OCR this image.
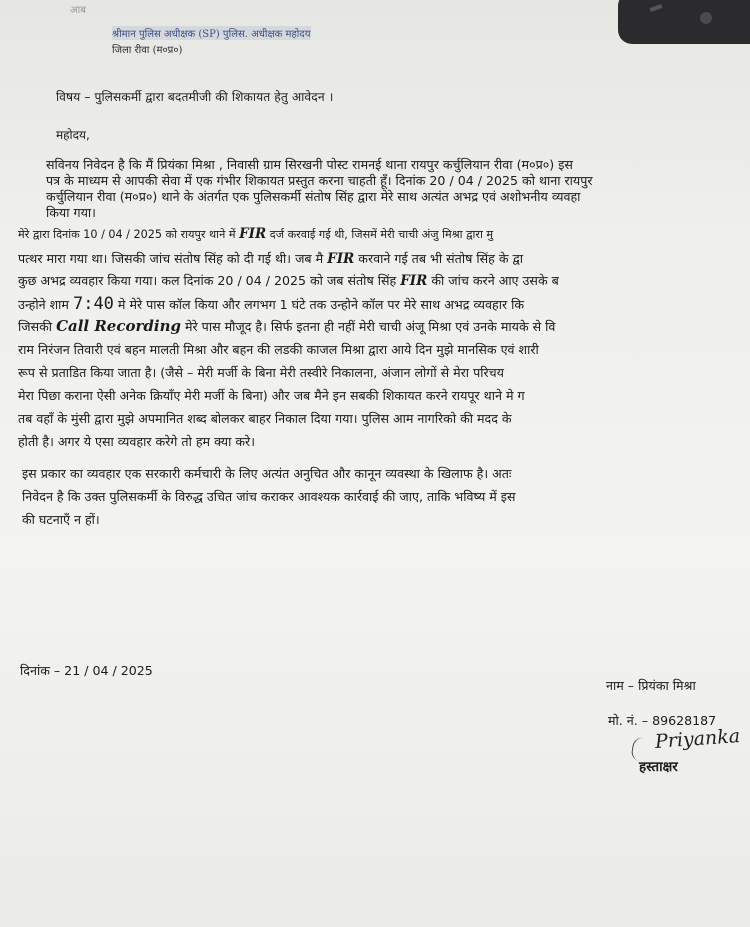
आब
श्रीमान पुलिस अधीक्षक (SP) पुलिस. अधीक्षक महोदय
जिला रीवा (म०प्र०)
विषय – पुलिसकर्मी द्वारा बदतमीजी की शिकायत हेतु आवेदन ।
महोदय,
सविनय निवेदन है कि मैं प्रियंका मिश्रा , निवासी ग्राम सिरखनी पोस्ट रामनई थाना रायपुर कर्चुलियान रीवा (म०प्र०) इस
पत्र के माध्यम से आपकी सेवा में एक गंभीर शिकायत प्रस्तुत करना चाहती हूँ। दिनांक 20 / 04 / 2025 को थाना रायपुर
कर्चुलियान रीवा (म०प्र०) थाने के अंतर्गत एक पुलिसकर्मी संतोष सिंह द्वारा मेरे साथ अत्यंत अभद्र एवं अशोभनीय व्यवहा
किया गया।
मेरे द्वारा दिनांक 10 / 04 / 2025 को रायपुर थाने में FIR दर्ज करवाई गई थी, जिसमें मेरी चाची अंजु मिश्रा द्वारा मु
पत्थर मारा गया था। जिसकी जांच संतोष सिंह को दी गई थी। जब मै FIR करवाने गई तब भी संतोष सिंह के द्वा
कुछ अभद्र व्यवहार किया गया। कल दिनांक 20 / 04 / 2025 को जब संतोष सिंह FIR की जांच करने आए उसके ब
उन्होने शाम 7:40 मे मेरे पास कॉल किया और लगभग 1 घंटे तक उन्होने कॉल पर मेरे साथ अभद्र व्यवहार कि
जिसकी Call Recording मेरे पास मौजूद है। सिर्फ इतना ही नहीं मेरी चाची अंजू मिश्रा एवं उनके मायके से वि
राम निरंजन तिवारी एवं बहन मालती मिश्रा और बहन की लडकी काजल मिश्रा द्वारा आये दिन मुझे मानसिक एवं शारी
रूप से प्रताडित किया जाता है। (जैसे – मेरी मर्जी के बिना मेरी तस्वीरे निकालना, अंजान लोगों से मेरा परिचय
मेरा पिछा कराना ऐसी अनेक क्रियाँए मेरी मर्जी के बिना) और जब मैने इन सबकी शिकायत करने रायपूर थाने मे ग
तब वहाँ के मुंसी द्वारा मुझे अपमानित शब्द बोलकर बाहर निकाल दिया गया। पुलिस आम नागरिको की मदद के
होती है। अगर ये एसा व्यवहार करेगे तो हम क्या करे।
इस प्रकार का व्यवहार एक सरकारी कर्मचारी के लिए अत्यंत अनुचित और कानून व्यवस्था के खिलाफ है। अतः
निवेदन है कि उक्त पुलिसकर्मी के विरुद्ध उचित जांच कराकर आवश्यक कार्रवाई की जाए, ताकि भविष्य में इस
की घटनाएँ न हों।
दिनांक – 21 / 04 / 2025
नाम – प्रियंका मिश्रा
मो. नं. – 89628187
Priyanka
हस्ताक्षर
